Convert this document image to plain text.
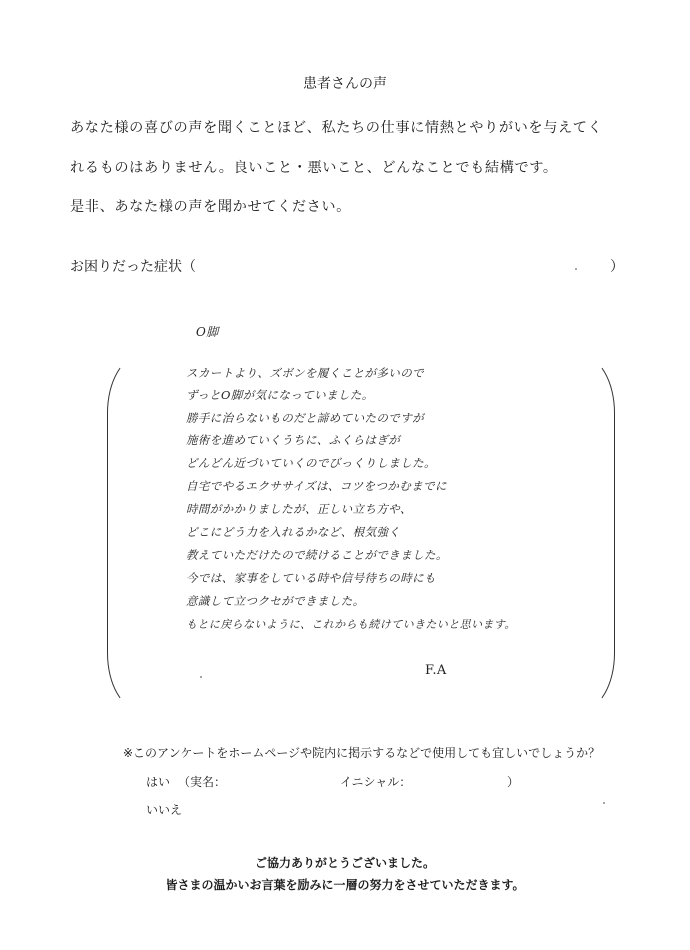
患者さんの声
あなた様の喜びの声を聞くことほど、私たちの仕事に情熱とやりがいを与えてく
れるものはありません。良いこと・悪いこと、どんなことでも結構です。
是非、あなた様の声を聞かせてください。
お困りだった症状（	）
O脚
スカートより、ズボンを履くことが多いので
ずっとO脚が気になっていました。
勝手に治らないものだと諦めていたのですが
施術を進めていくうちに、ふくらはぎが
どんどん近づいていくのでびっくりしました。
自宅でやるエクササイズは、コツをつかむまでに
時間がかかりましたが、正しい立ち方や、
どこにどう力を入れるかなど、根気強く
教えていただけたので続けることができました。
今では、家事をしている時や信号待ちの時にも
意識して立つクセができました。
もとに戻らないように、これからも続けていきたいと思います。
F.A
※このアンケートをホームページや院内に掲示するなどで使用しても宜しいでしょうか？
はい （実名：	イニシャル：	）
いいえ
ご協力ありがとうございました。
皆さまの温かいお言葉を励みに一層の努力をさせていただきます。
